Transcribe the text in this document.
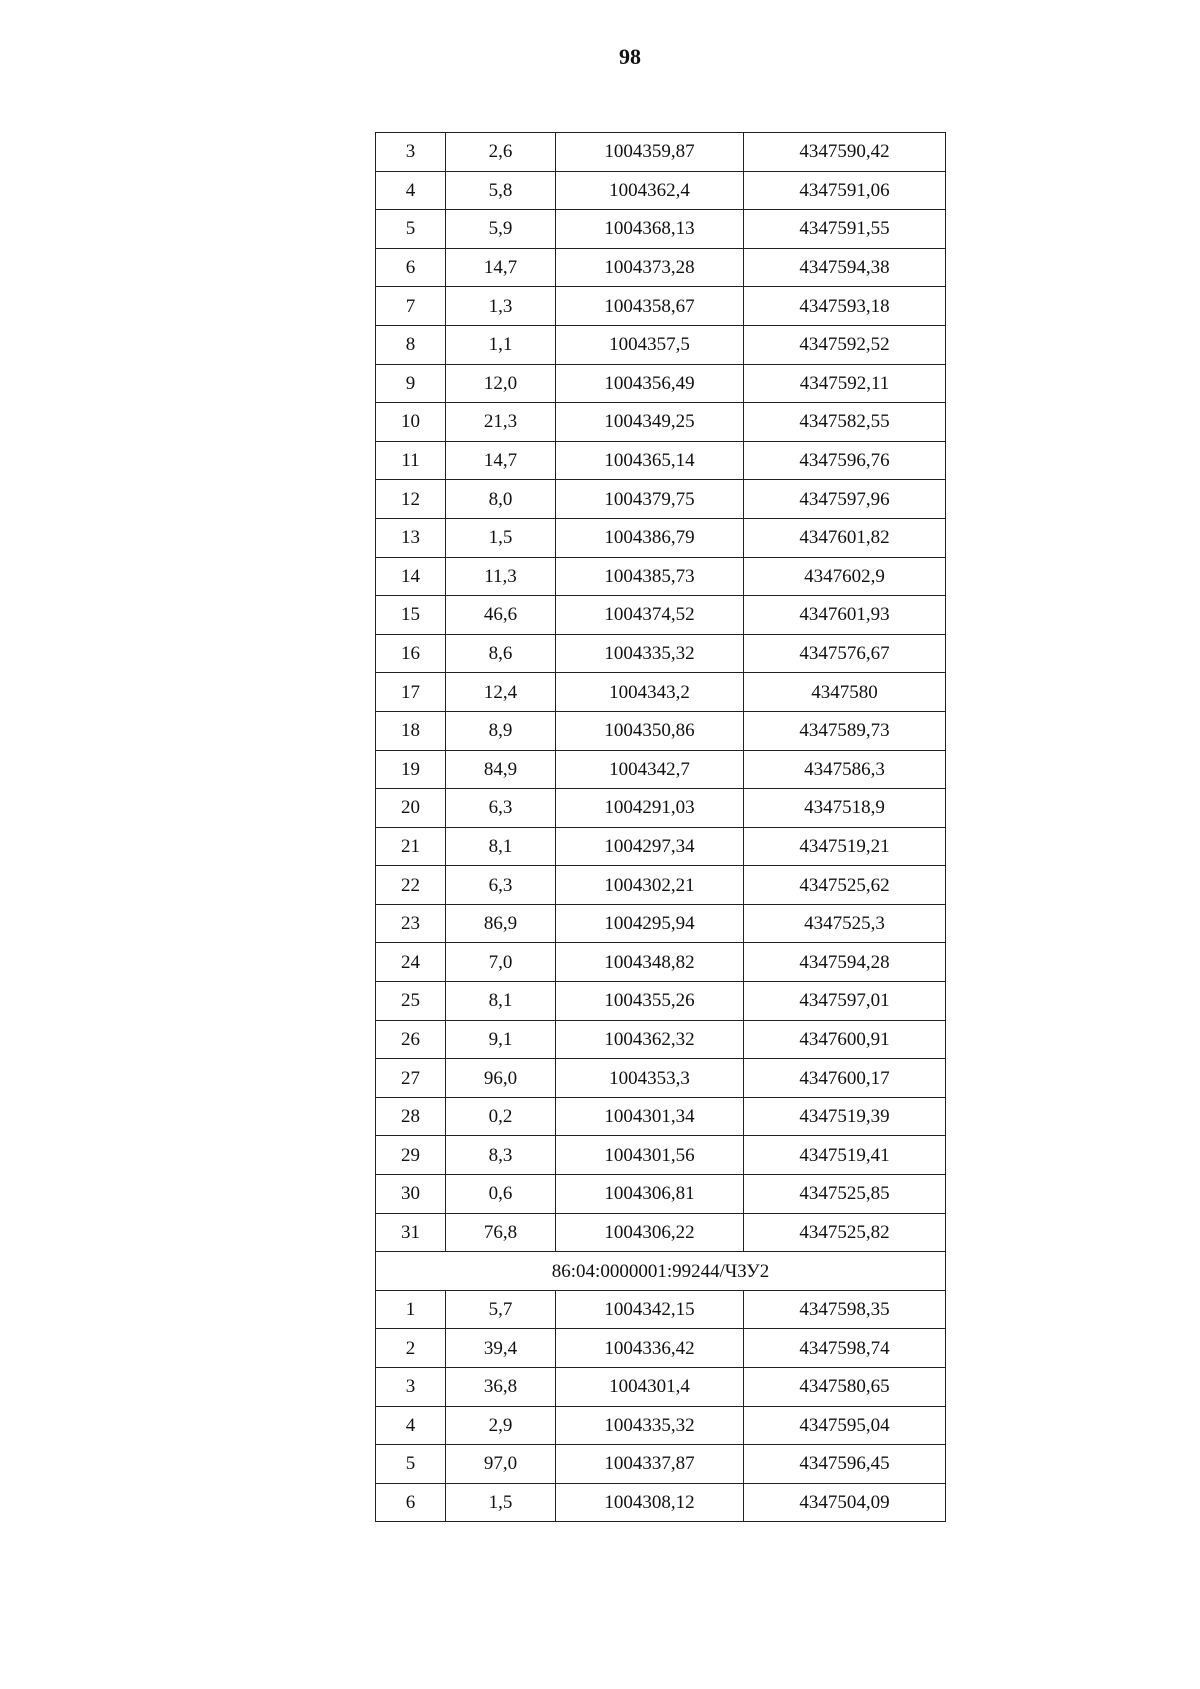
98
3	2,6	1004359,87	4347590,42
4	5,8	1004362,4	4347591,06
5	5,9	1004368,13	4347591,55
6	14,7	1004373,28	4347594,38
7	1,3	1004358,67	4347593,18
8	1,1	1004357,5	4347592,52
9	12,0	1004356,49	4347592,11
10	21,3	1004349,25	4347582,55
11	14,7	1004365,14	4347596,76
12	8,0	1004379,75	4347597,96
13	1,5	1004386,79	4347601,82
14	11,3	1004385,73	4347602,9
15	46,6	1004374,52	4347601,93
16	8,6	1004335,32	4347576,67
17	12,4	1004343,2	4347580
18	8,9	1004350,86	4347589,73
19	84,9	1004342,7	4347586,3
20	6,3	1004291,03	4347518,9
21	8,1	1004297,34	4347519,21
22	6,3	1004302,21	4347525,62
23	86,9	1004295,94	4347525,3
24	7,0	1004348,82	4347594,28
25	8,1	1004355,26	4347597,01
26	9,1	1004362,32	4347600,91
27	96,0	1004353,3	4347600,17
28	0,2	1004301,34	4347519,39
29	8,3	1004301,56	4347519,41
30	0,6	1004306,81	4347525,85
31	76,8	1004306,22	4347525,82
86:04:0000001:99244/ЧЗУ2			
1	5,7	1004342,15	4347598,35
2	39,4	1004336,42	4347598,74
3	36,8	1004301,4	4347580,65
4	2,9	1004335,32	4347595,04
5	97,0	1004337,87	4347596,45
6	1,5	1004308,12	4347504,09
